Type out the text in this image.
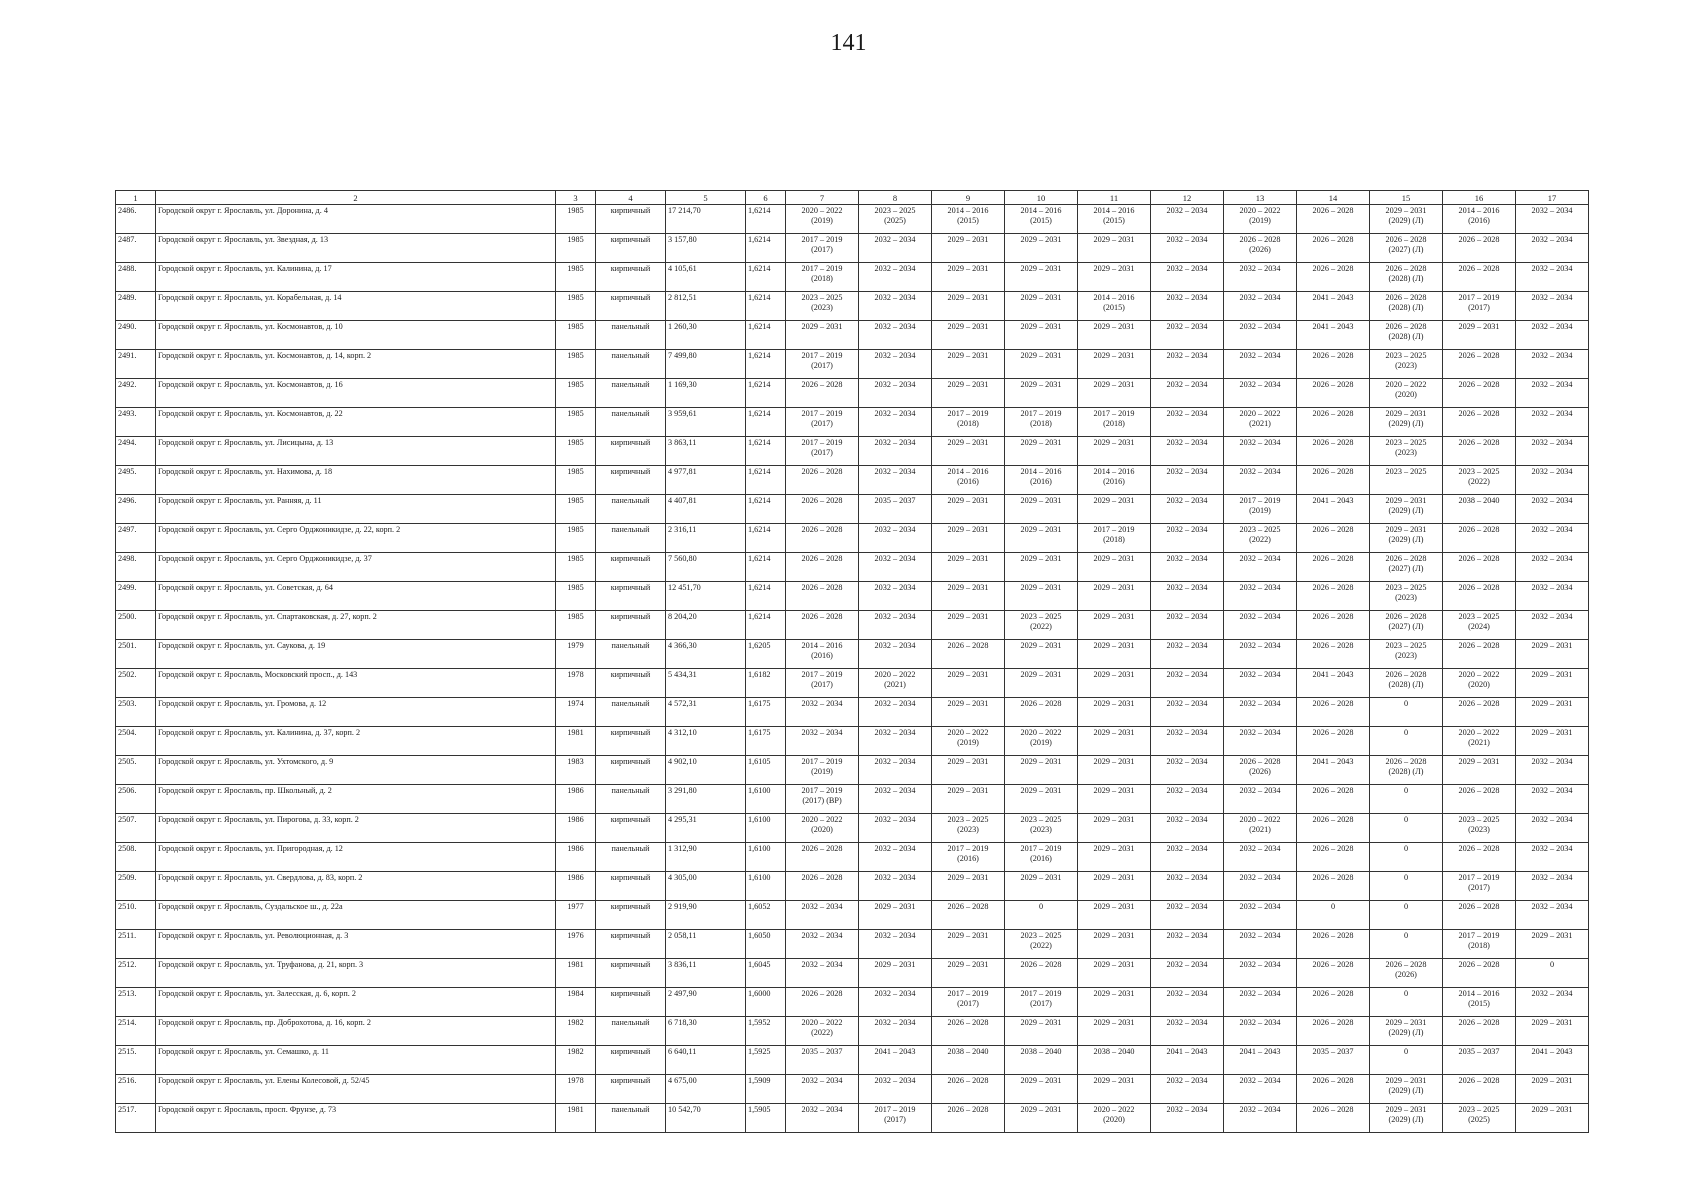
141
1	2	3	4	5	6	7	8	9	10	11	12	13	14	15	16	17
2486.	Городской округ г. Ярославль, ул. Доронина, д. 4	1985	кирпичный	17 214,70	1,6214	2020 – 2022
(2019)	2023 – 2025
(2025)	2014 – 2016
(2015)	2014 – 2016
(2015)	2014 – 2016
(2015)	2032 – 2034	2020 – 2022
(2019)	2026 – 2028	2029 – 2031
(2029) (Л)	2014 – 2016
(2016)	2032 – 2034
2487.	Городской округ г. Ярославль, ул. Звездная, д. 13	1985	кирпичный	3 157,80	1,6214	2017 – 2019
(2017)	2032 – 2034	2029 – 2031	2029 – 2031	2029 – 2031	2032 – 2034	2026 – 2028
(2026)	2026 – 2028	2026 – 2028
(2027) (Л)	2026 – 2028	2032 – 2034
2488.	Городской округ г. Ярославль, ул. Калинина, д. 17	1985	кирпичный	4 105,61	1,6214	2017 – 2019
(2018)	2032 – 2034	2029 – 2031	2029 – 2031	2029 – 2031	2032 – 2034	2032 – 2034	2026 – 2028	2026 – 2028
(2028) (Л)	2026 – 2028	2032 – 2034
2489.	Городской округ г. Ярославль, ул. Корабельная, д. 14	1985	кирпичный	2 812,51	1,6214	2023 – 2025
(2023)	2032 – 2034	2029 – 2031	2029 – 2031	2014 – 2016
(2015)	2032 – 2034	2032 – 2034	2041 – 2043	2026 – 2028
(2028) (Л)	2017 – 2019
(2017)	2032 – 2034
2490.	Городской округ г. Ярославль, ул. Космонавтов, д. 10	1985	панельный	1 260,30	1,6214	2029 – 2031	2032 – 2034	2029 – 2031	2029 – 2031	2029 – 2031	2032 – 2034	2032 – 2034	2041 – 2043	2026 – 2028
(2028) (Л)	2029 – 2031	2032 – 2034
2491.	Городской округ г. Ярославль, ул. Космонавтов, д. 14, корп. 2	1985	панельный	7 499,80	1,6214	2017 – 2019
(2017)	2032 – 2034	2029 – 2031	2029 – 2031	2029 – 2031	2032 – 2034	2032 – 2034	2026 – 2028	2023 – 2025
(2023)	2026 – 2028	2032 – 2034
2492.	Городской округ г. Ярославль, ул. Космонавтов, д. 16	1985	панельный	1 169,30	1,6214	2026 – 2028	2032 – 2034	2029 – 2031	2029 – 2031	2029 – 2031	2032 – 2034	2032 – 2034	2026 – 2028	2020 – 2022
(2020)	2026 – 2028	2032 – 2034
2493.	Городской округ г. Ярославль, ул. Космонавтов, д. 22	1985	панельный	3 959,61	1,6214	2017 – 2019
(2017)	2032 – 2034	2017 – 2019
(2018)	2017 – 2019
(2018)	2017 – 2019
(2018)	2032 – 2034	2020 – 2022
(2021)	2026 – 2028	2029 – 2031
(2029) (Л)	2026 – 2028	2032 – 2034
2494.	Городской округ г. Ярославль, ул. Лисицына, д. 13	1985	кирпичный	3 863,11	1,6214	2017 – 2019
(2017)	2032 – 2034	2029 – 2031	2029 – 2031	2029 – 2031	2032 – 2034	2032 – 2034	2026 – 2028	2023 – 2025
(2023)	2026 – 2028	2032 – 2034
2495.	Городской округ г. Ярославль, ул. Нахимова, д. 18	1985	кирпичный	4 977,81	1,6214	2026 – 2028	2032 – 2034	2014 – 2016
(2016)	2014 – 2016
(2016)	2014 – 2016
(2016)	2032 – 2034	2032 – 2034	2026 – 2028	2023 – 2025	2023 – 2025
(2022)	2032 – 2034
2496.	Городской округ г. Ярославль, ул. Ранняя, д. 11	1985	панельный	4 407,81	1,6214	2026 – 2028	2035 – 2037	2029 – 2031	2029 – 2031	2029 – 2031	2032 – 2034	2017 – 2019
(2019)	2041 – 2043	2029 – 2031
(2029) (Л)	2038 – 2040	2032 – 2034
2497.	Городской округ г. Ярославль, ул. Серго Орджоникидзе, д. 22, корп. 2	1985	панельный	2 316,11	1,6214	2026 – 2028	2032 – 2034	2029 – 2031	2029 – 2031	2017 – 2019
(2018)	2032 – 2034	2023 – 2025
(2022)	2026 – 2028	2029 – 2031
(2029) (Л)	2026 – 2028	2032 – 2034
2498.	Городской округ г. Ярославль, ул. Серго Орджоникидзе, д. 37	1985	кирпичный	7 560,80	1,6214	2026 – 2028	2032 – 2034	2029 – 2031	2029 – 2031	2029 – 2031	2032 – 2034	2032 – 2034	2026 – 2028	2026 – 2028
(2027) (Л)	2026 – 2028	2032 – 2034
2499.	Городской округ г. Ярославль, ул. Советская, д. 64	1985	кирпичный	12 451,70	1,6214	2026 – 2028	2032 – 2034	2029 – 2031	2029 – 2031	2029 – 2031	2032 – 2034	2032 – 2034	2026 – 2028	2023 – 2025
(2023)	2026 – 2028	2032 – 2034
2500.	Городской округ г. Ярославль, ул. Спартаковская, д. 27, корп. 2	1985	кирпичный	8 204,20	1,6214	2026 – 2028	2032 – 2034	2029 – 2031	2023 – 2025
(2022)	2029 – 2031	2032 – 2034	2032 – 2034	2026 – 2028	2026 – 2028
(2027) (Л)	2023 – 2025
(2024)	2032 – 2034
2501.	Городской округ г. Ярославль, ул. Саукова, д. 19	1979	панельный	4 366,30	1,6205	2014 – 2016
(2016)	2032 – 2034	2026 – 2028	2029 – 2031	2029 – 2031	2032 – 2034	2032 – 2034	2026 – 2028	2023 – 2025
(2023)	2026 – 2028	2029 – 2031
2502.	Городской округ г. Ярославль, Московский просп., д. 143	1978	кирпичный	5 434,31	1,6182	2017 – 2019
(2017)	2020 – 2022
(2021)	2029 – 2031	2029 – 2031	2029 – 2031	2032 – 2034	2032 – 2034	2041 – 2043	2026 – 2028
(2028) (Л)	2020 – 2022
(2020)	2029 – 2031
2503.	Городской округ г. Ярославль, ул. Громова, д. 12	1974	панельный	4 572,31	1,6175	2032 – 2034	2032 – 2034	2029 – 2031	2026 – 2028	2029 – 2031	2032 – 2034	2032 – 2034	2026 – 2028	0	2026 – 2028	2029 – 2031
2504.	Городской округ г. Ярославль, ул. Калинина, д. 37, корп. 2	1981	кирпичный	4 312,10	1,6175	2032 – 2034	2032 – 2034	2020 – 2022
(2019)	2020 – 2022
(2019)	2029 – 2031	2032 – 2034	2032 – 2034	2026 – 2028	0	2020 – 2022
(2021)	2029 – 2031
2505.	Городской округ г. Ярославль, ул. Ухтомского, д. 9	1983	кирпичный	4 902,10	1,6105	2017 – 2019
(2019)	2032 – 2034	2029 – 2031	2029 – 2031	2029 – 2031	2032 – 2034	2026 – 2028
(2026)	2041 – 2043	2026 – 2028
(2028) (Л)	2029 – 2031	2032 – 2034
2506.	Городской округ г. Ярославль, пр. Школьный, д. 2	1986	панельный	3 291,80	1,6100	2017 – 2019
(2017) (ВР)	2032 – 2034	2029 – 2031	2029 – 2031	2029 – 2031	2032 – 2034	2032 – 2034	2026 – 2028	0	2026 – 2028	2032 – 2034
2507.	Городской округ г. Ярославль, ул. Пирогова, д. 33, корп. 2	1986	кирпичный	4 295,31	1,6100	2020 – 2022
(2020)	2032 – 2034	2023 – 2025
(2023)	2023 – 2025
(2023)	2029 – 2031	2032 – 2034	2020 – 2022
(2021)	2026 – 2028	0	2023 – 2025
(2023)	2032 – 2034
2508.	Городской округ г. Ярославль, ул. Пригородная, д. 12	1986	панельный	1 312,90	1,6100	2026 – 2028	2032 – 2034	2017 – 2019
(2016)	2017 – 2019
(2016)	2029 – 2031	2032 – 2034	2032 – 2034	2026 – 2028	0	2026 – 2028	2032 – 2034
2509.	Городской округ г. Ярославль, ул. Свердлова, д. 83, корп. 2	1986	кирпичный	4 305,00	1,6100	2026 – 2028	2032 – 2034	2029 – 2031	2029 – 2031	2029 – 2031	2032 – 2034	2032 – 2034	2026 – 2028	0	2017 – 2019
(2017)	2032 – 2034
2510.	Городской округ г. Ярославль, Суздальское ш., д. 22а	1977	кирпичный	2 919,90	1,6052	2032 – 2034	2029 – 2031	2026 – 2028	0	2029 – 2031	2032 – 2034	2032 – 2034	0	0	2026 – 2028	2032 – 2034
2511.	Городской округ г. Ярославль, ул. Революционная, д. 3	1976	кирпичный	2 058,11	1,6050	2032 – 2034	2032 – 2034	2029 – 2031	2023 – 2025
(2022)	2029 – 2031	2032 – 2034	2032 – 2034	2026 – 2028	0	2017 – 2019
(2018)	2029 – 2031
2512.	Городской округ г. Ярославль, ул. Труфанова, д. 21, корп. 3	1981	кирпичный	3 836,11	1,6045	2032 – 2034	2029 – 2031	2029 – 2031	2026 – 2028	2029 – 2031	2032 – 2034	2032 – 2034	2026 – 2028	2026 – 2028
(2026)	2026 – 2028	0
2513.	Городской округ г. Ярославль, ул. Залесская, д. 6, корп. 2	1984	кирпичный	2 497,90	1,6000	2026 – 2028	2032 – 2034	2017 – 2019
(2017)	2017 – 2019
(2017)	2029 – 2031	2032 – 2034	2032 – 2034	2026 – 2028	0	2014 – 2016
(2015)	2032 – 2034
2514.	Городской округ г. Ярославль, пр. Доброхотова, д. 16, корп. 2	1982	панельный	6 718,30	1,5952	2020 – 2022
(2022)	2032 – 2034	2026 – 2028	2029 – 2031	2029 – 2031	2032 – 2034	2032 – 2034	2026 – 2028	2029 – 2031
(2029) (Л)	2026 – 2028	2029 – 2031
2515.	Городской округ г. Ярославль, ул. Семашко, д. 11	1982	кирпичный	6 640,11	1,5925	2035 – 2037	2041 – 2043	2038 – 2040	2038 – 2040	2038 – 2040	2041 – 2043	2041 – 2043	2035 – 2037	0	2035 – 2037	2041 – 2043
2516.	Городской округ г. Ярославль, ул. Елены Колесовой, д. 52/45	1978	кирпичный	4 675,00	1,5909	2032 – 2034	2032 – 2034	2026 – 2028	2029 – 2031	2029 – 2031	2032 – 2034	2032 – 2034	2026 – 2028	2029 – 2031
(2029) (Л)	2026 – 2028	2029 – 2031
2517.	Городской округ г. Ярославль, просп. Фрунзе, д. 73	1981	панельный	10 542,70	1,5905	2032 – 2034	2017 – 2019
(2017)	2026 – 2028	2029 – 2031	2020 – 2022
(2020)	2032 – 2034	2032 – 2034	2026 – 2028	2029 – 2031
(2029) (Л)	2023 – 2025
(2025)	2029 – 2031
